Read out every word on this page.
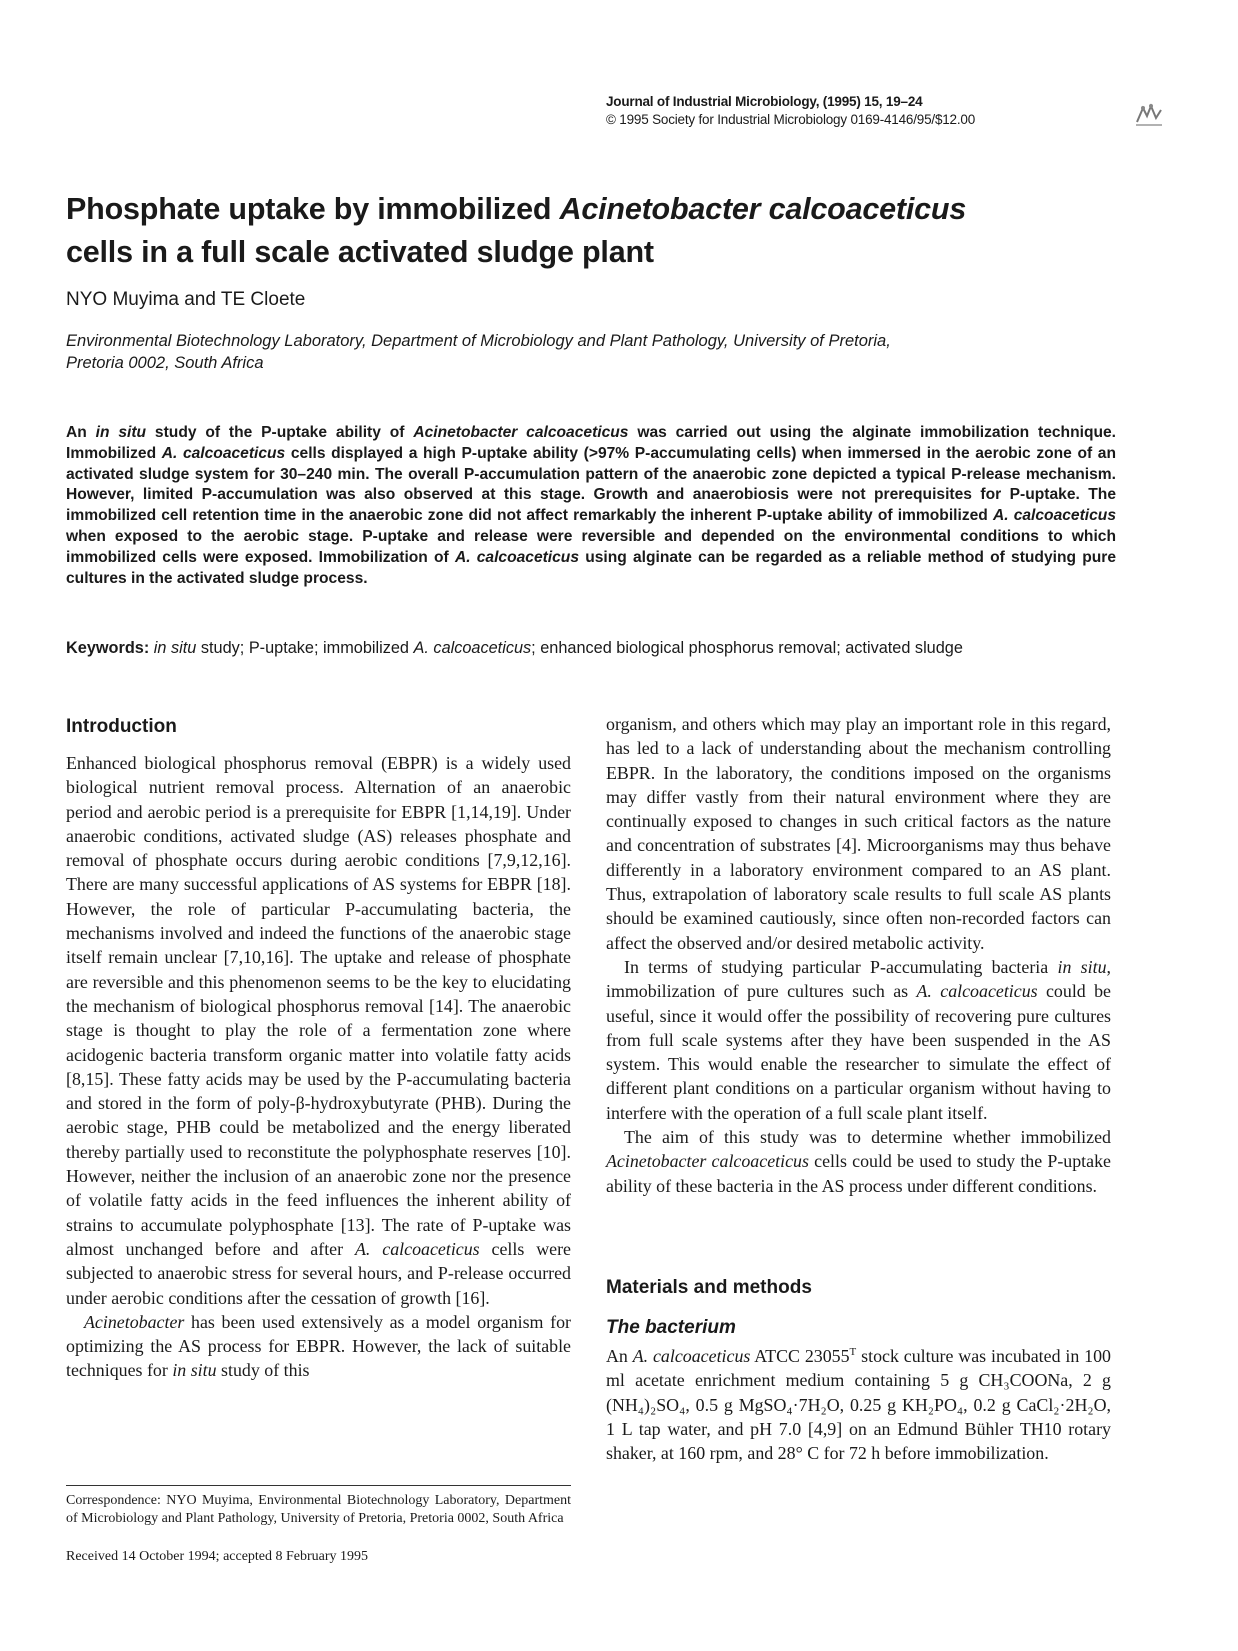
Journal of Industrial Microbiology, (1995) 15, 19–24
© 1995 Society for Industrial Microbiology 0169-4146/95/$12.00
Phosphate uptake by immobilized Acinetobacter calcoaceticus
cells in a full scale activated sludge plant
NYO Muyima and TE Cloete
Environmental Biotechnology Laboratory, Department of Microbiology and Plant Pathology, University of Pretoria,
Pretoria 0002, South Africa

An in situ study of the P-uptake ability of Acinetobacter calcoaceticus was carried out using the alginate immobilization technique. Immobilized A. calcoaceticus cells displayed a high P-uptake ability (>97% P-accumulating cells) when immersed in the aerobic zone of an activated sludge system for 30–240 min. The overall P-accumulation pattern of the anaerobic zone depicted a typical P-release mechanism. However, limited P-accumulation was also observed at this stage. Growth and anaerobiosis were not prerequisites for P-uptake. The immobilized cell retention time in the anaerobic zone did not affect remarkably the inherent P-uptake ability of immobilized A. calcoaceticus when exposed to the aerobic stage. P-uptake and release were reversible and depended on the environmental conditions to which immobilized cells were exposed. Immobilization of A. calcoaceticus using alginate can be regarded as a reliable method of studying pure cultures in the activated sludge process.

Keywords: in situ study; P-uptake; immobilized A. calcoaceticus; enhanced biological phosphorus removal; activated sludge
Introduction

Enhanced biological phosphorus removal (EBPR) is a widely used biological nutrient removal process. Alternation of an anaerobic period and aerobic period is a prerequisite for EBPR [1,14,19]. Under anaerobic conditions, activated sludge (AS) releases phosphate and removal of phosphate occurs during aerobic conditions [7,9,12,16]. There are many successful applications of AS systems for EBPR [18]. However, the role of particular P-accumulating bacteria, the mechanisms involved and indeed the functions of the anaerobic stage itself remain unclear [7,10,16]. The uptake and release of phosphate are reversible and this phenomenon seems to be the key to elucidating the mechanism of biological phosphorus removal [14]. The anaerobic stage is thought to play the role of a fermentation zone where acidogenic bacteria transform organic matter into volatile fatty acids [8,15]. These fatty acids may be used by the P-accumulating bacteria and stored in the form of poly-β-hydroxybutyrate (PHB). During the aerobic stage, PHB could be metabolized and the energy liberated thereby partially used to reconstitute the polyphosphate reserves [10]. However, neither the inclusion of an anaerobic zone nor the presence of volatile fatty acids in the feed influences the inherent ability of strains to accumulate polyphosphate [13]. The rate of P-uptake was almost unchanged before and after A. calcoaceticus cells were subjected to anaerobic stress for several hours, and P-release occurred under aerobic conditions after the cessation of growth [16].

Acinetobacter has been used extensively as a model organism for optimizing the AS process for EBPR. However, the lack of suitable techniques for in situ study of this

organism, and others which may play an important role in this regard, has led to a lack of understanding about the mechanism controlling EBPR. In the laboratory, the conditions imposed on the organisms may differ vastly from their natural environment where they are continually exposed to changes in such critical factors as the nature and concentration of substrates [4]. Microorganisms may thus behave differently in a laboratory environment compared to an AS plant. Thus, extrapolation of laboratory scale results to full scale AS plants should be examined cautiously, since often non-recorded factors can affect the observed and/or desired metabolic activity.

In terms of studying particular P-accumulating bacteria in situ, immobilization of pure cultures such as A. calcoaceticus could be useful, since it would offer the possibility of recovering pure cultures from full scale systems after they have been suspended in the AS system. This would enable the researcher to simulate the effect of different plant conditions on a particular organism without having to interfere with the operation of a full scale plant itself.

The aim of this study was to determine whether immobilized Acinetobacter calcoaceticus cells could be used to study the P-uptake ability of these bacteria in the AS process under different conditions.

Materials and methods
The bacterium

An A. calcoaceticus ATCC $23055^T$ stock culture was incubated in 100 ml acetate enrichment medium containing 5 g CH₃COONa, 2 g (NH₄)₂SO₄, 0.5 g MgSO₄·7H₂O, 0.25 g KH₂PO₄, 0.2 g CaCl₂·2H₂O, 1 L tap water, and pH 7.0 [4,9] on an Edmund Bühler TH10 rotary shaker, at 160 rpm, and 28° C for 72 h before immobilization.

Correspondence: NYO Muyima, Environmental Biotechnology Laboratory, Department of Microbiology and Plant Pathology, University of Pretoria, Pretoria 0002, South Africa

Received 14 October 1994; accepted 8 February 1995
